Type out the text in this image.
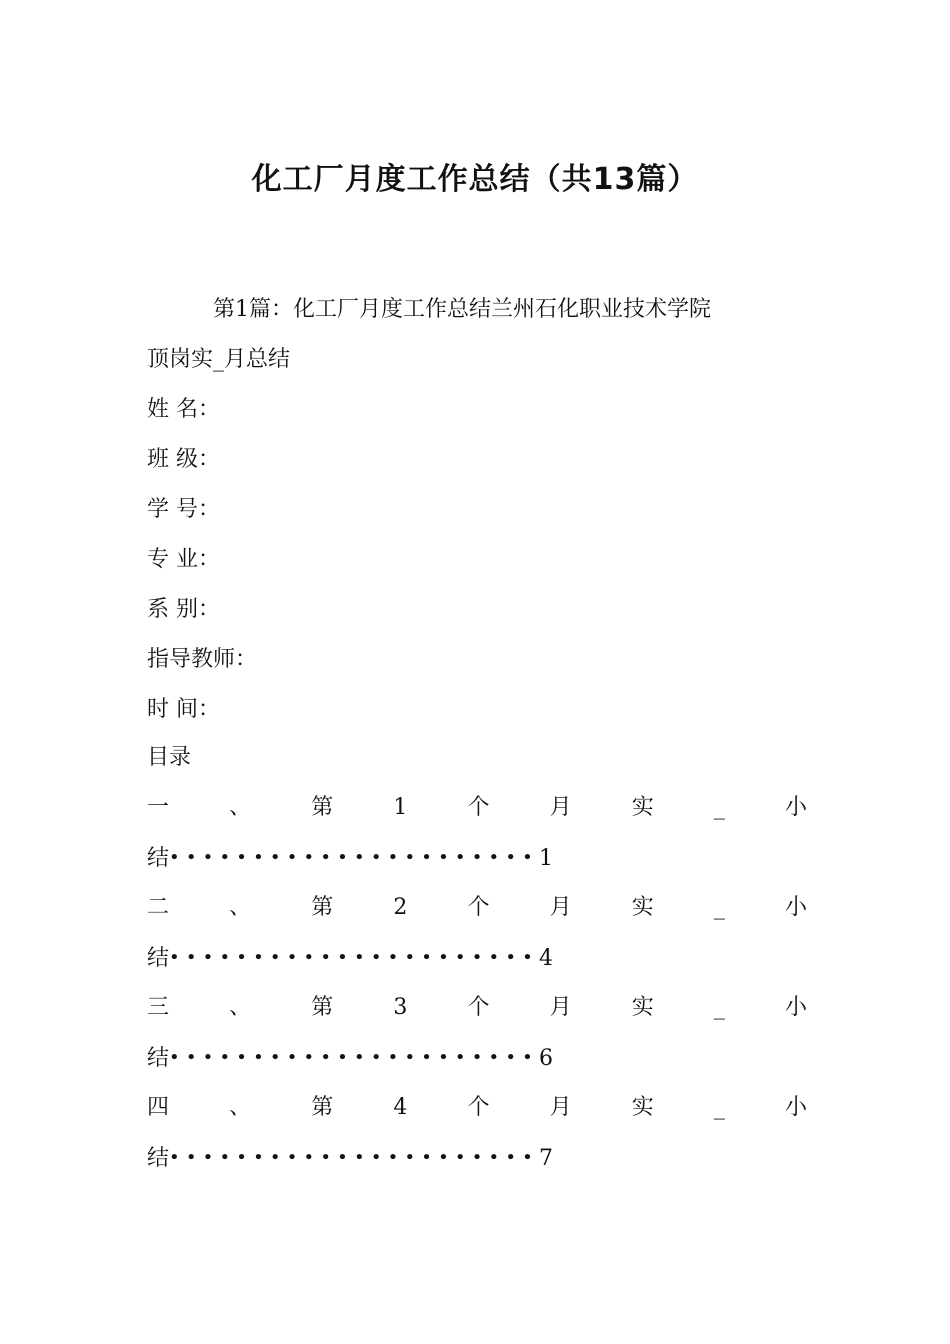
化工厂月度工作总结（共13篇）
第1篇：化工厂月度工作总结兰州石化职业技术学院
顶岗实_月总结
姓 名：
班 级：
学 号：
专 业：
系 别：
指导教师：
时 间：
目录
一	、	第	1	个	月	实	_	小
结••••••••••••••••••••••1
二	、	第	2	个	月	实	_	小
结••••••••••••••••••••••4
三	、	第	3	个	月	实	_	小
结••••••••••••••••••••••6
四	、	第	4	个	月	实	_	小
结••••••••••••••••••••••7
